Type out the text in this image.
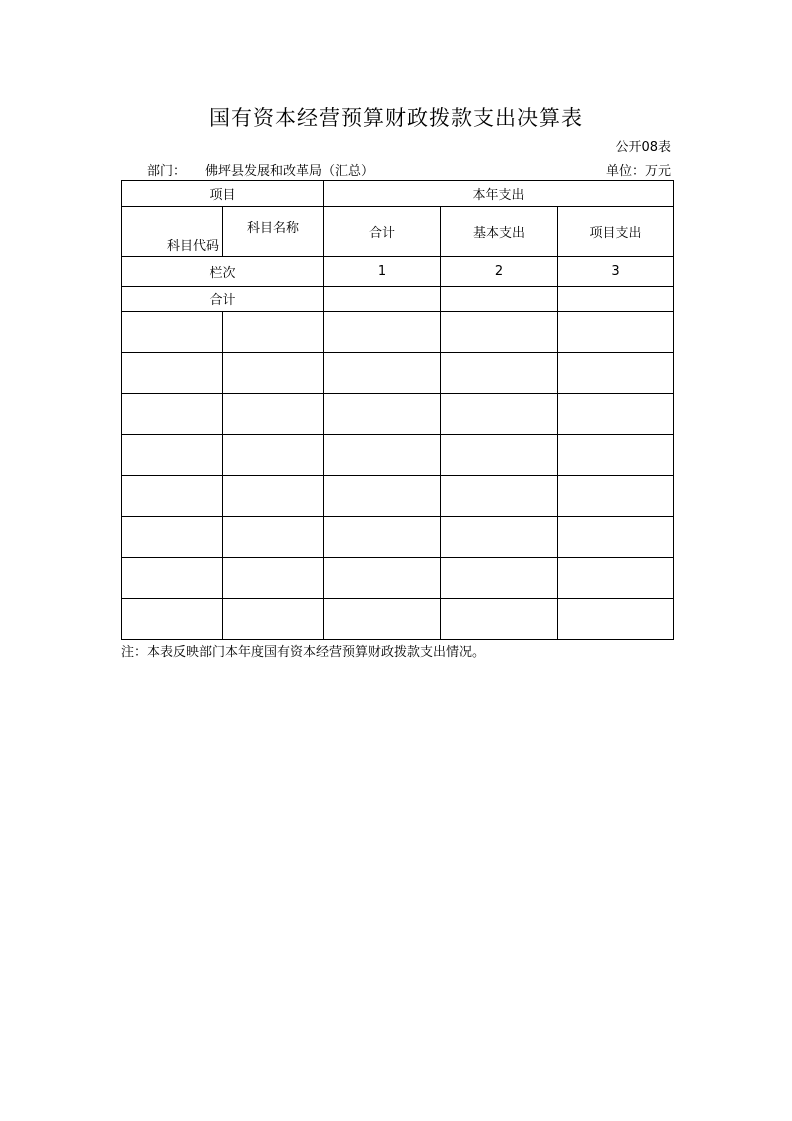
国有资本经营预算财政拨款支出决算表
公开08表
部门： 佛坪县发展和改革局（汇总）	单位：万元
项目		本年支出		
科目代码	科目名称	合计	基本支出	项目支出
栏次		1	2	3
合计				

注：本表反映部门本年度国有资本经营预算财政拨款支出情况。
